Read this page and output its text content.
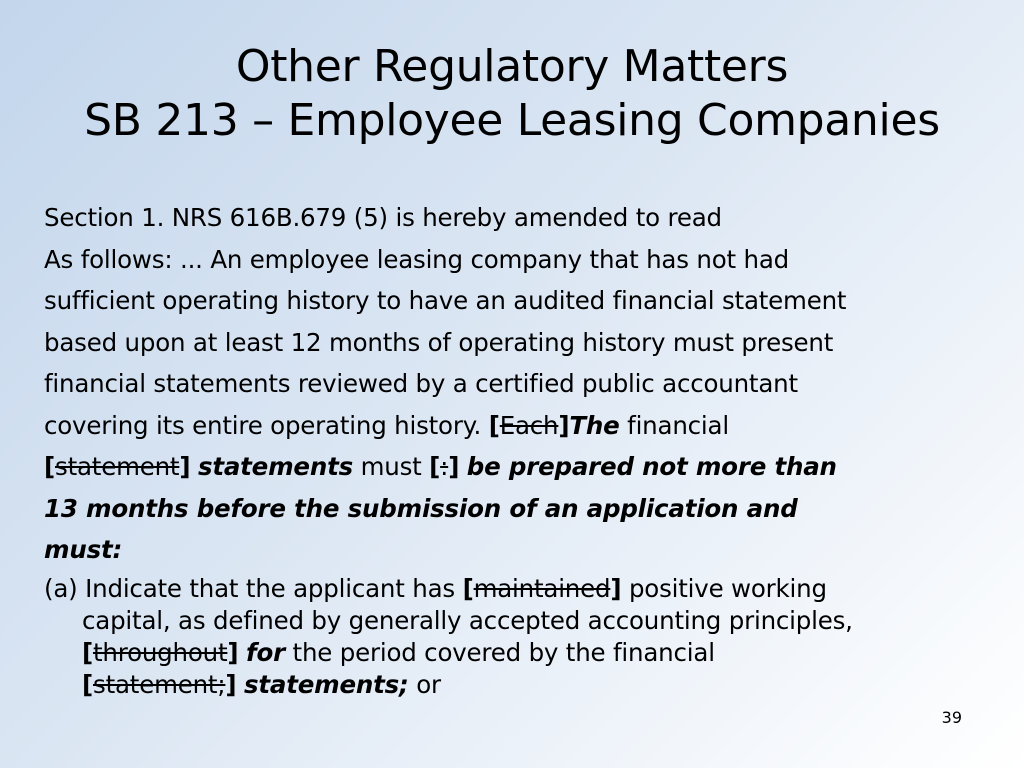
Other Regulatory Matters
SB 213 – Employee Leasing Companies
Section 1. NRS 616B.679 (5) is hereby amended to read
As follows: ... An employee leasing company that has not had
sufficient operating history to have an audited financial statement
based upon at least 12 months of operating history must present
financial statements reviewed by a certified public accountant
covering its entire operating history. [Each]The financial
[statement] statements must [:] be prepared not more than
13 months before the submission of an application and
must:
(a) Indicate that the applicant has [maintained] positive working
capital, as defined by generally accepted accounting principles,
[throughout] for the period covered by the financial
[statement;] statements; or
39
